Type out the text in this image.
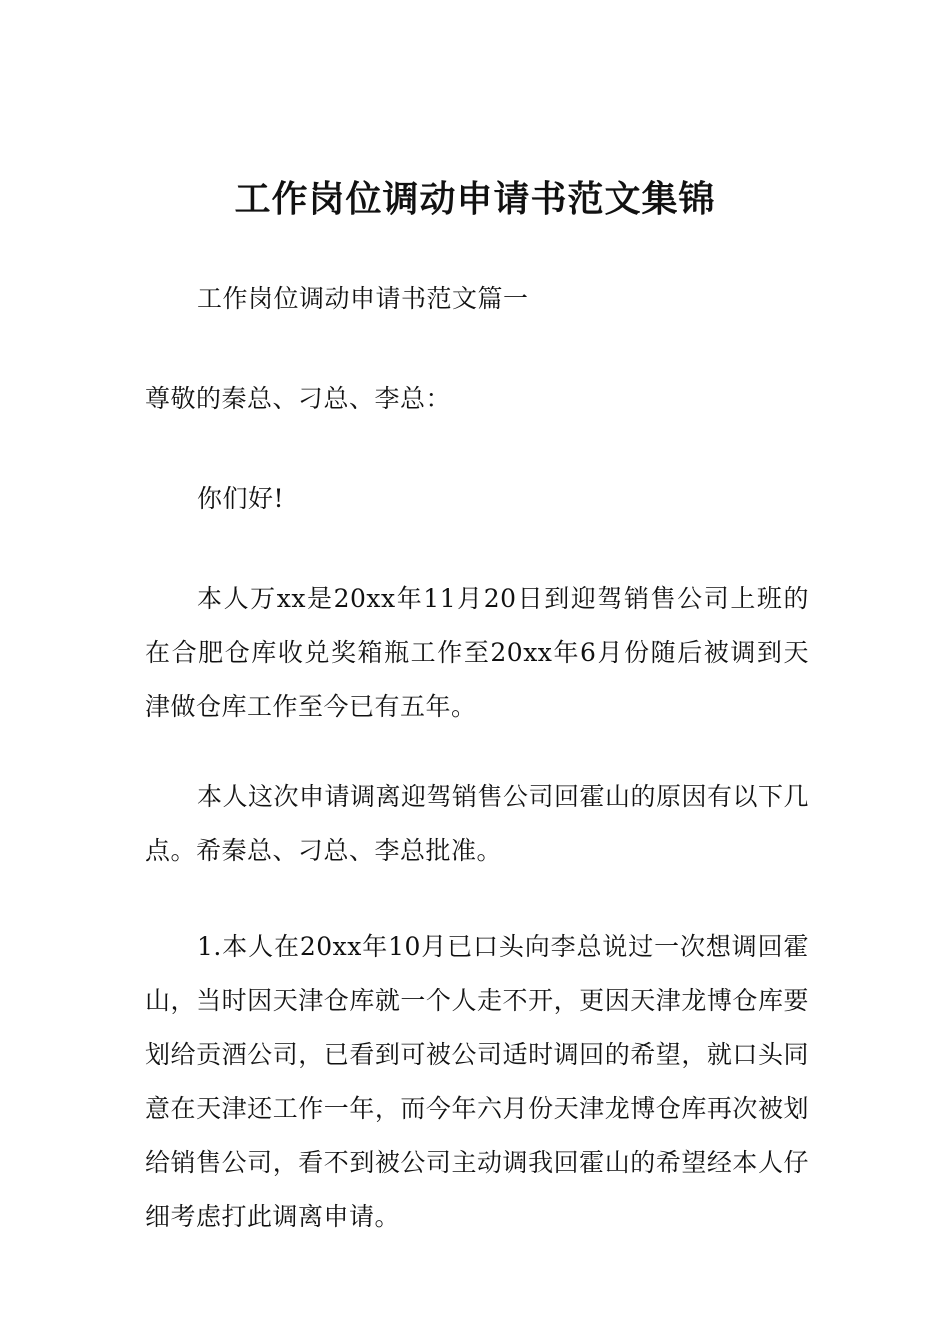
工作岗位调动申请书范文集锦

工作岗位调动申请书范文篇一

尊敬的秦总、刁总、李总：

你们好!

本人万xx是20xx年11月20日到迎驾销售公司上班的在合肥仓库收兑奖箱瓶工作至20xx年6月份随后被调到天津做仓库工作至今已有五年。

本人这次申请调离迎驾销售公司回霍山的原因有以下几点。希秦总、刁总、李总批准。

1.本人在20xx年10月已口头向李总说过一次想调回霍山，当时因天津仓库就一个人走不开，更因天津龙博仓库要划给贡酒公司，已看到可被公司适时调回的希望，就口头同意在天津还工作一年，而今年六月份天津龙博仓库再次被划给销售公司，看不到被公司主动调我回霍山的希望经本人仔细考虑打此调离申请。
